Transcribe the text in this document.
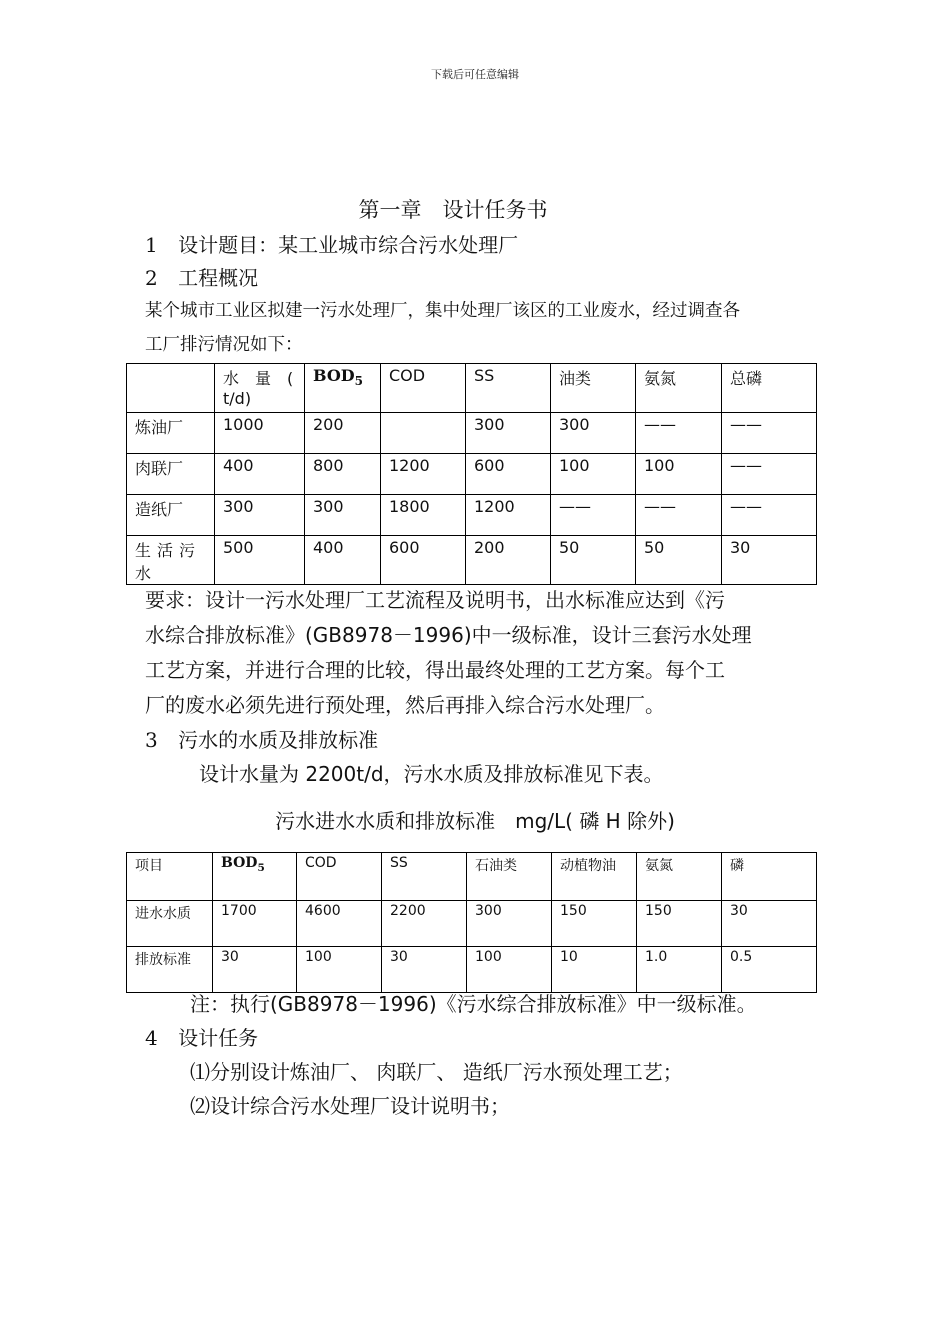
下载后可任意编辑
第一章　设计任务书
1 设计题目：某工业城市综合污水处理厂
2 工程概况
某个城市工业区拟建一污水处理厂，集中处理厂该区的工业废水，经过调查各
工厂排污情况如下：

	水　量　(
t/d)	$BOD_5$	COD	SS	油类	氨氮	总磷
炼油厂	1000	200		300	300	——	——
肉联厂	400	800	1200	600	100	100	——
造纸厂	300	300	1800	1200	——	——	——

生活污
水	500	400	600	200	50	50	30
要求：设计一污水处理厂工艺流程及说明书，出水标准应达到《污
水综合排放标准》(GB8978－1996)中一级标准，设计三套污水处理
工艺方案，并进行合理的比较，得出最终处理的工艺方案。每个工
厂的废水必须先进行预处理，然后再排入综合污水处理厂。
3 污水的水质及排放标准
设计水量为 2200t/d，污水水质及排放标准见下表。
污水进水水质和排放标准　mg/L( 磷 H 除外)
项目	$BOD_5$	COD	SS	石油类	动植物油	氨氮	磷
进水水质	1700	4600	2200	300	150	150	30
排放标准	30	100	30	100	10	1.0	0.5
注：执行(GB8978－1996)《污水综合排放标准》中一级标准。
4 设计任务
⑴分别设计炼油厂、 肉联厂、 造纸厂污水预处理工艺；
⑵设计综合污水处理厂设计说明书；
